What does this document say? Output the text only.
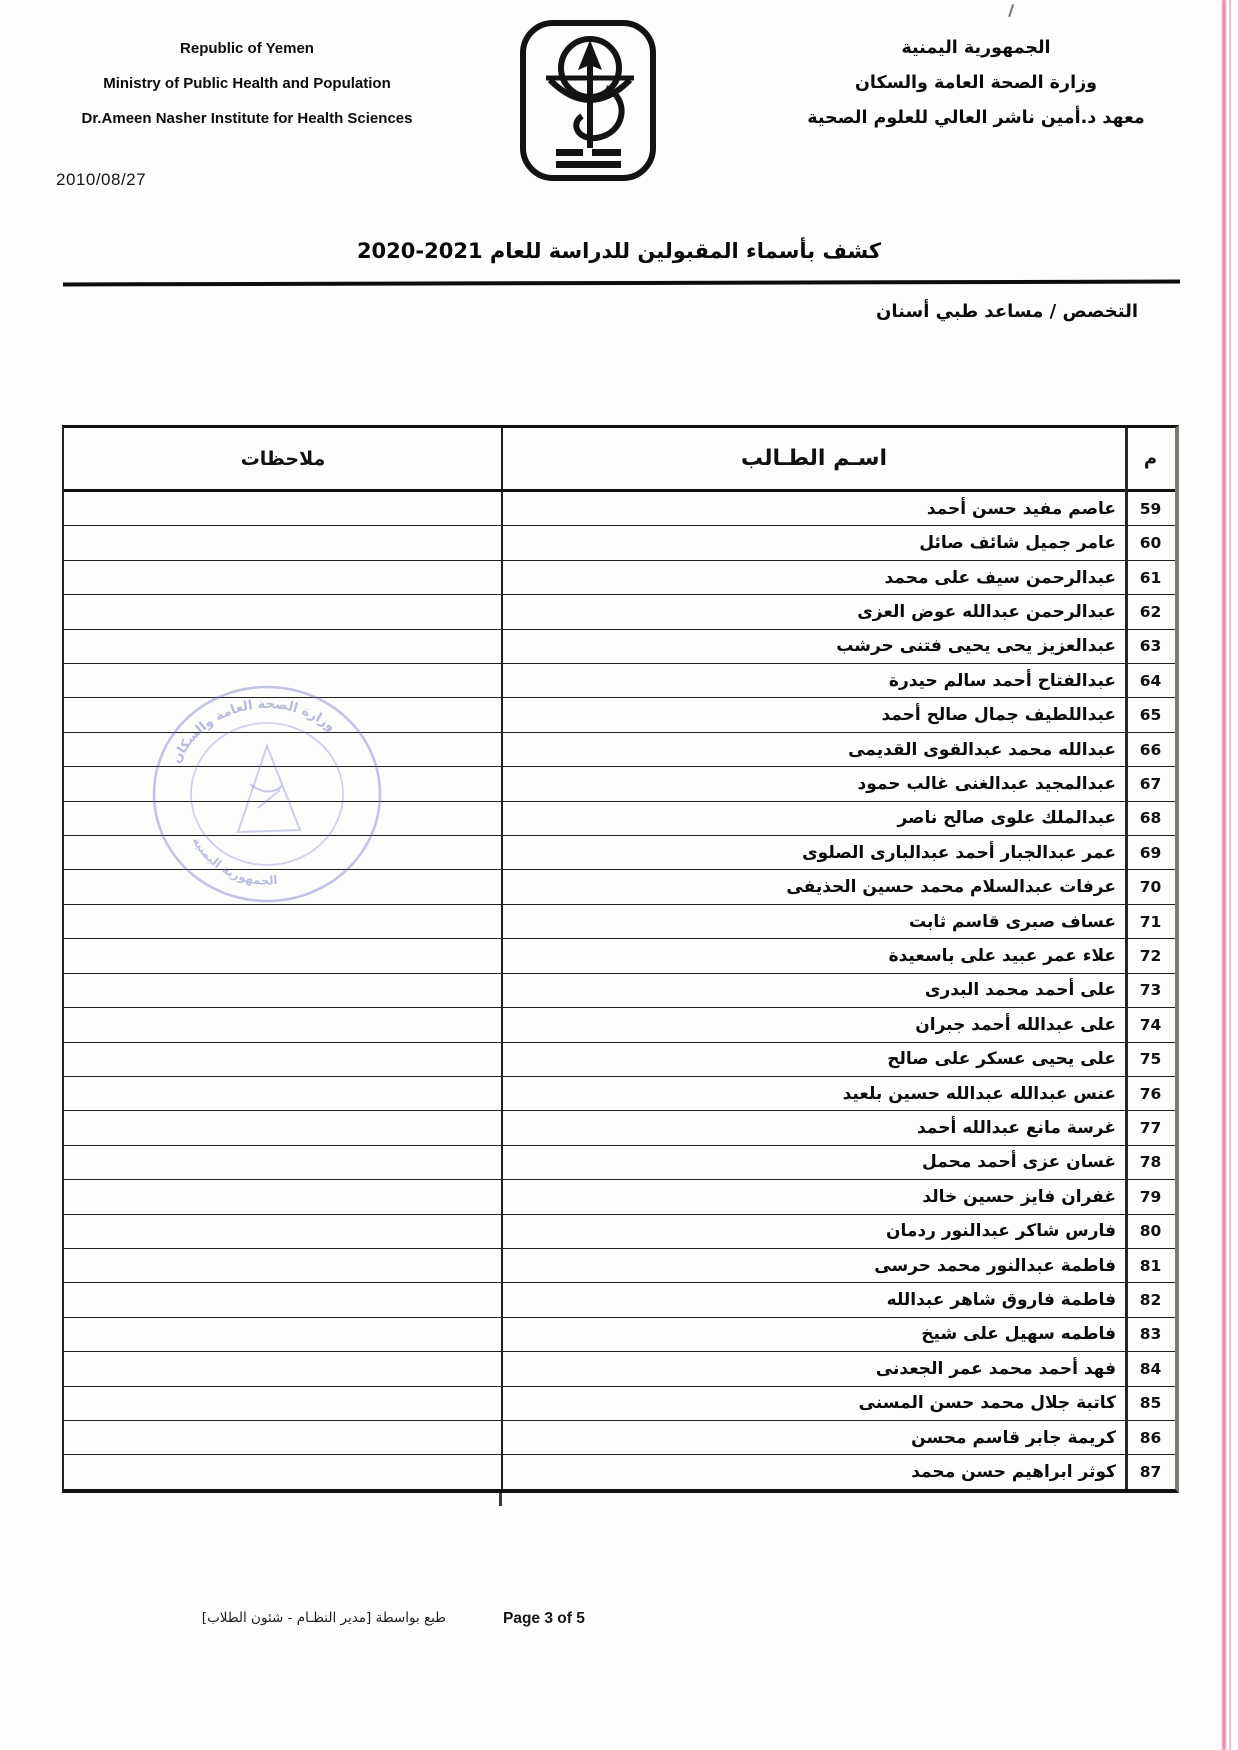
Republic of Yemen
Ministry of Public Health and Population
Dr.Ameen Nasher Institute for Health Sciences
الجمهورية اليمنية
وزارة الصحة العامة والسكان
معهد د.أمين ناشر العالي للعلوم الصحية
2010/08/27
كشف بأسماء المقبولين للدراسة للعام 2021-2020
التخصص / مساعد طبي أسنان
ملاحظات	اسـم الطـالب	م
عاصم مفيد حسن أحمد	59
عامر جميل شائف صائل	60
عبدالرحمن سيف على محمد	61
عبدالرحمن عبدالله عوض العزى	62
عبدالعزيز يحى يحيى فتنى حرشب	63
عبدالفتاح أحمد سالم حيدرة	64
عبداللطيف جمال صالح أحمد	65
عبدالله محمد عبدالقوى القديمى	66
عبدالمجيد عبدالغنى غالب حمود	67
عبدالملك علوى صالح ناصر	68
عمر عبدالجبار أحمد عبدالبارى الصلوى	69
عرفات عبدالسلام محمد حسين الحذيفى	70
عساف صبرى قاسم ثابت	71
علاء عمر عبيد على باسعيدة	72
على أحمد محمد البدرى	73
على عبدالله أحمد جبران	74
على يحيى عسكر على صالح	75
عنس عبدالله عبدالله حسين بلعيد	76
غرسة مانع عبدالله أحمد	77
غسان عزى أحمد محمل	78
غفران فايز حسين خالد	79
فارس شاكر عبدالنور ردمان	80
فاطمة عبدالنور محمد حرسى	81
فاطمة فاروق شاهر عبدالله	82
فاطمه سهيل على شيخ	83
فهد أحمد محمد عمر الجعدنى	84
كاتبة جلال محمد حسن المسنى	85
كريمة جابر قاسم محسن	86
كوثر ابراهيم حسن محمد	87
وزارة الصحة العامة والسكان
الجمهورية اليمنية
طبع بواسطة [مدير النظـام - شئون الطلاب]	Page 3 of 5
